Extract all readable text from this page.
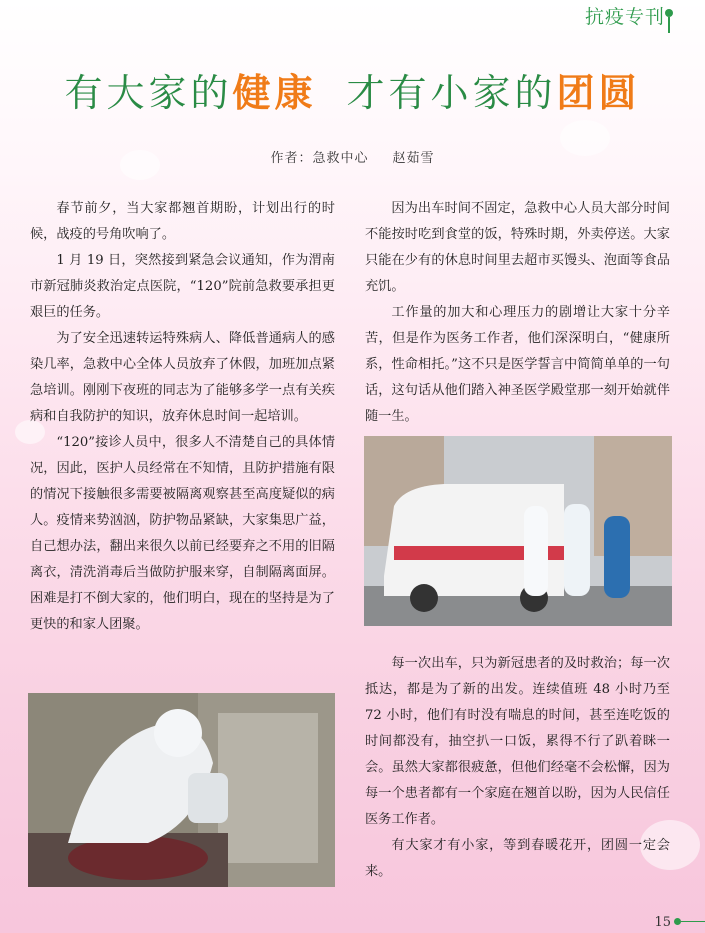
抗疫专刊
有大家的健康 才有小家的团圆
作者：急救中心 赵茹雪

春节前夕，当大家都翘首期盼，计划出行的时候，战疫的号角吹响了。

1 月 19 日，突然接到紧急会议通知，作为渭南市新冠肺炎救治定点医院，“120”院前急救要承担更艰巨的任务。

为了安全迅速转运特殊病人、降低普通病人的感染几率，急救中心全体人员放弃了休假，加班加点紧急培训。刚刚下夜班的同志为了能够多学一点有关疾病和自我防护的知识，放弃休息时间一起培训。

“120”接诊人员中，很多人不清楚自己的具体情况，因此，医护人员经常在不知情，且防护措施有限的情况下接触很多需要被隔离观察甚至高度疑似的病人。疫情来势汹汹，防护物品紧缺，大家集思广益，自己想办法，翻出来很久以前已经要弃之不用的旧隔离衣，清洗消毒后当做防护服来穿，自制隔离面屏。困难是打不倒大家的，他们明白，现在的坚持是为了更快的和家人团聚。

因为出车时间不固定，急救中心人员大部分时间不能按时吃到食堂的饭，特殊时期，外卖停送。大家只能在少有的休息时间里去超市买馒头、泡面等食品充饥。

工作量的加大和心理压力的剧增让大家十分辛苦，但是作为医务工作者，他们深深明白，“健康所系，性命相托。”这不只是医学誓言中简简单单的一句话，这句话从他们踏入神圣医学殿堂那一刻开始就伴随一生。

每一次出车，只为新冠患者的及时救治；每一次抵达，都是为了新的出发。连续值班 48 小时乃至 72 小时，他们有时没有喘息的时间，甚至连吃饭的时间都没有，抽空扒一口饭，累得不行了趴着眯一会。虽然大家都很疲惫，但他们经毫不会松懈，因为每一个患者都有一个家庭在翘首以盼，因为人民信任医务工作者。

有大家才有小家，等到春暖花开，团圆一定会来。

15
